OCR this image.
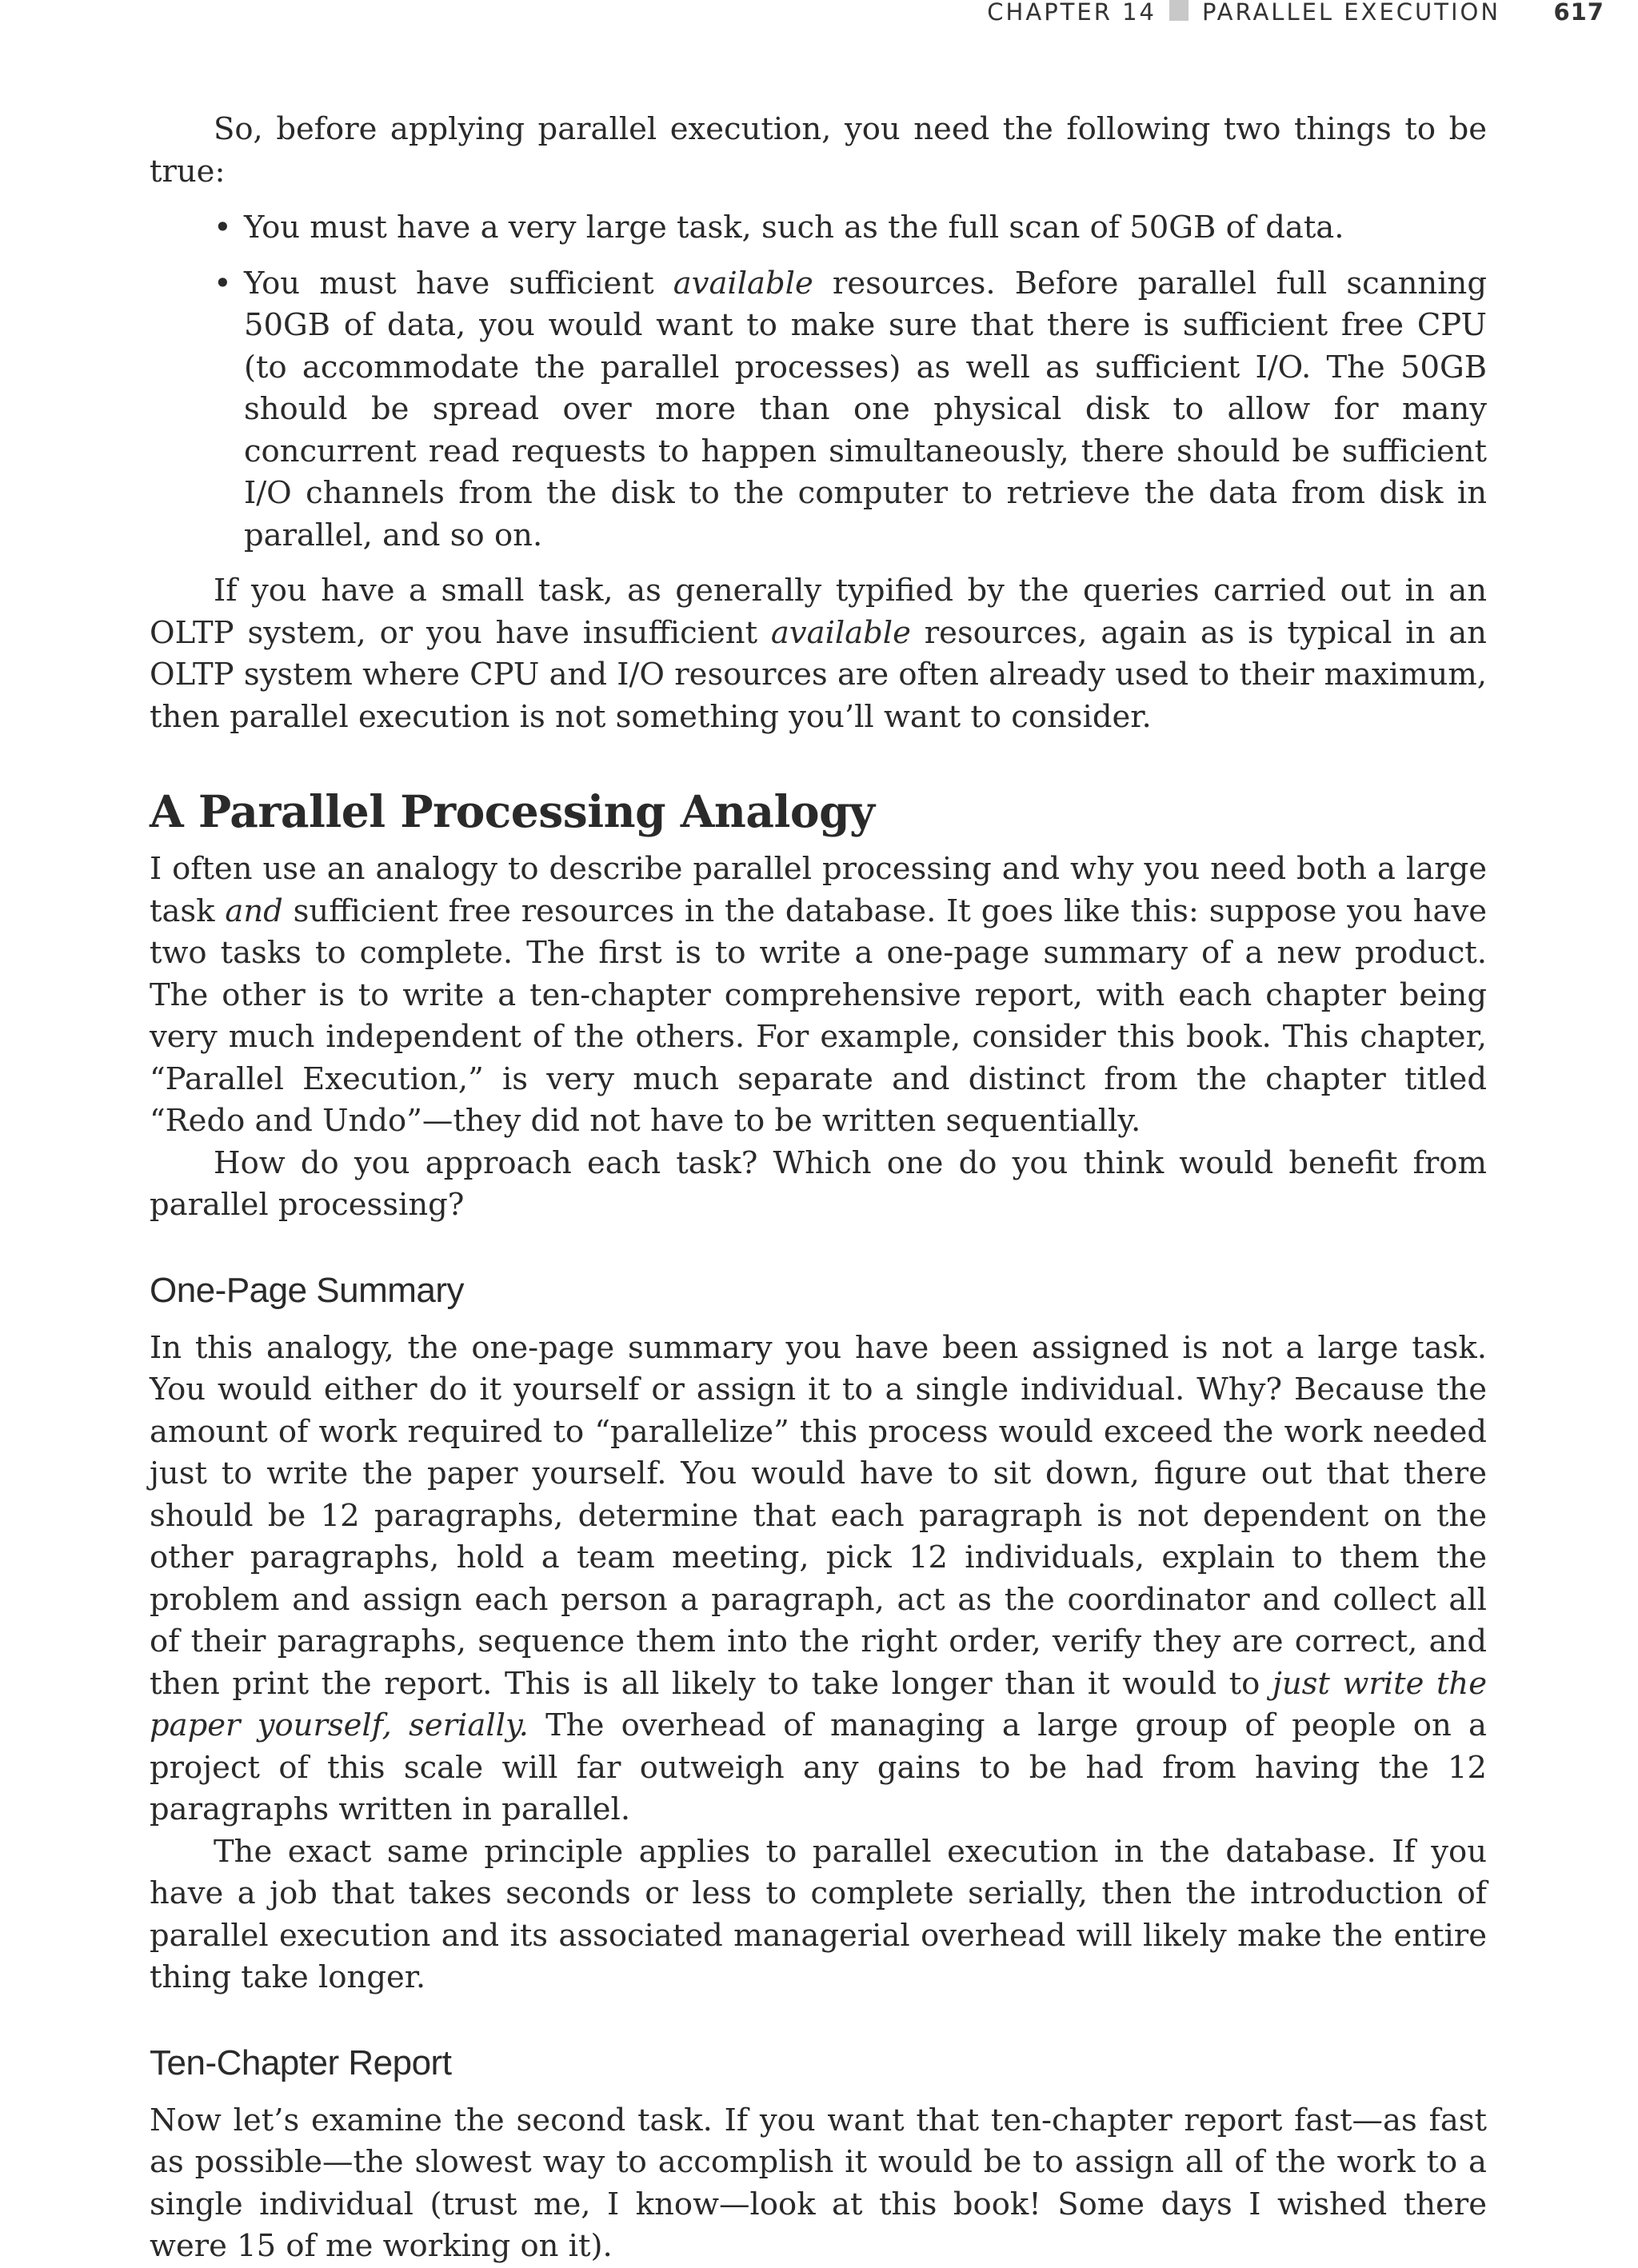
CHAPTER 14 PARALLEL EXECUTION 617

So, before applying parallel execution, you need the following two things to be true:

• You must have a very large task, such as the full scan of 50GB of data.
• You must have sufficient available resources. Before parallel full scanning 50GB of data, you would want to make sure that there is sufficient free CPU (to accommodate the parallel processes) as well as sufficient I/O. The 50GB should be spread over more than one physical disk to allow for many concurrent read requests to happen simultaneously, there should be sufficient I/O channels from the disk to the computer to retrieve the data from disk in parallel, and so on.

If you have a small task, as generally typified by the queries carried out in an OLTP system, or you have insufficient available resources, again as is typical in an OLTP system where CPU and I/O resources are often already used to their maximum, then parallel execution is not something you’ll want to consider.

A Parallel Processing Analogy

I often use an analogy to describe parallel processing and why you need both a large task and sufficient free resources in the database. It goes like this: suppose you have two tasks to complete. The first is to write a one-page summary of a new product. The other is to write a ten-chapter comprehensive report, with each chapter being very much independent of the others. For example, consider this book. This chapter, “Parallel Execution,” is very much separate and distinct from the chapter titled “Redo and Undo”—they did not have to be written sequentially.

How do you approach each task? Which one do you think would benefit from parallel processing?

One-Page Summary

In this analogy, the one-page summary you have been assigned is not a large task. You would either do it yourself or assign it to a single individual. Why? Because the amount of work required to “parallelize” this process would exceed the work needed just to write the paper yourself. You would have to sit down, figure out that there should be 12 paragraphs, determine that each paragraph is not dependent on the other paragraphs, hold a team meeting, pick 12 individuals, explain to them the problem and assign each person a paragraph, act as the coordinator and collect all of their paragraphs, sequence them into the right order, verify they are correct, and then print the report. This is all likely to take longer than it would to just write the paper yourself, serially. The overhead of managing a large group of people on a project of this scale will far outweigh any gains to be had from having the 12 paragraphs written in parallel.

The exact same principle applies to parallel execution in the database. If you have a job that takes seconds or less to complete serially, then the introduction of parallel execution and its associated managerial overhead will likely make the entire thing take longer.

Ten-Chapter Report

Now let’s examine the second task. If you want that ten-chapter report fast—as fast as possible—the slowest way to accomplish it would be to assign all of the work to a single individual (trust me, I know—look at this book! Some days I wished there were 15 of me working on it).
